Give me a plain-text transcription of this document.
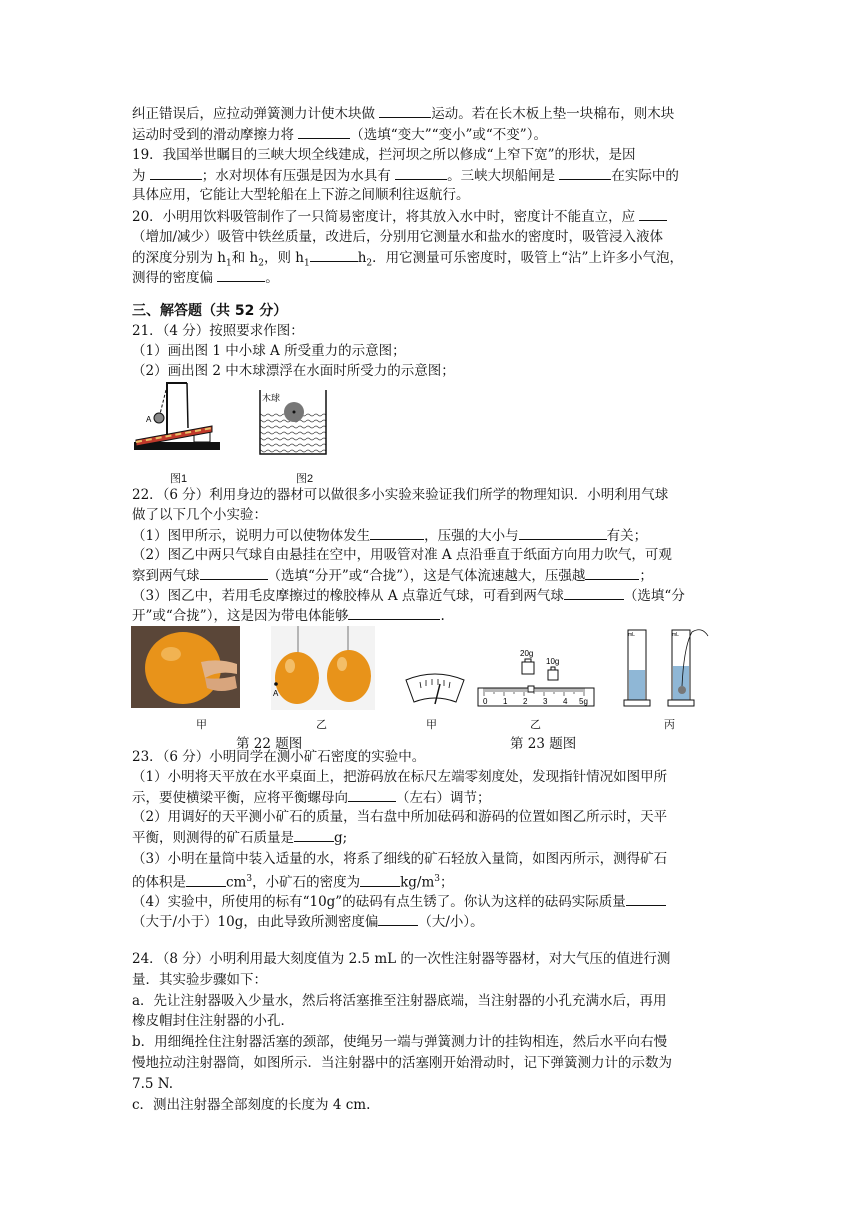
纠正错误后，应拉动弹簧测力计使木块做	运动。若在长木板上垫一块棉布，则木块
运动时受到的滑动摩擦力将	（选填“变大”“变小”或“不变”）。
19．我国举世瞩目的三峡大坝全线建成，拦河坝之所以修成“上窄下宽”的形状，是因
为	；水对坝体有压强是因为水具有	。三峡大坝船闸是	在实际中的
具体应用，它能让大型轮船在上下游之间顺利往返航行。
20．小明用饮料吸管制作了一只简易密度计，将其放入水中时，密度计不能直立，应
（增加/减少）吸管中铁丝质量，改进后，分别用它测量水和盐水的密度时，吸管浸入液体
的深度分别为 $h_1$和 $h_2$，则 $h_1$	$h_2$．用它测量可乐密度时，吸管上“沾”上许多小气泡，
测得的密度偏	。
三、解答题（共 52 分）
21．（4 分）按照要求作图：
（1）画出图 1 中小球 A 所受重力的示意图；
（2）画出图 2 中木球漂浮在水面时所受力的示意图；
A
图1
木球
图2
22．（6 分）利用身边的器材可以做很多小实验来验证我们所学的物理知识．小明利用气球
做了以下几个小实验：
（1）图甲所示，说明力可以使物体发生	，压强的大小与	有关；
（2）图乙中两只气球自由悬挂在空中，用吸管对准 A 点沿垂直于纸面方向用力吹气，可观
察到两气球	（选填“分开”或“合拢”），这是气体流速越大，压强越	；
（3）图乙中，若用毛皮摩擦过的橡胶棒从 A 点靠近气球，可看到两气球	（选填“分
开”或“合拢”），这是因为带电体能够	.
甲
A
乙
第 22 题图
甲
20g
10g
0 1 2 3 4 5g
乙
第 23 题图
mL	mL
丙
23．（6 分）小明同学在测小矿石密度的实验中。
（1）小明将天平放在水平桌面上，把游码放在标尺左端零刻度处，发现指针情况如图甲所
示，要使横梁平衡，应将平衡螺母向	（左右）调节；
（2）用调好的天平测小矿石的质量，当右盘中所加砝码和游码的位置如图乙所示时，天平
平衡，则测得的矿石质量是	g;
（3）小明在量筒中装入适量的水，将系了细线的矿石轻放入量筒，如图丙所示，测得矿石
的体积是	$cm^3$，小矿石的密度为	$kg/m^3$；
（4）实验中，所使用的标有“10g”的砝码有点生锈了。你认为这样的砝码实际质量
（大于/小于）10g，由此导致所测密度偏	（大/小）。
24．（8 分）小明利用最大刻度值为 2.5 mL 的一次性注射器等器材，对大气压的值进行测
量．其实验步骤如下：
a．先让注射器吸入少量水，然后将活塞推至注射器底端，当注射器的小孔充满水后，再用
橡皮帽封住注射器的小孔．
b．用细绳拴住注射器活塞的颈部，使绳另一端与弹簧测力计的挂钩相连，然后水平向右慢
慢地拉动注射器筒，如图所示．当注射器中的活塞刚开始滑动时，记下弹簧测力计的示数为
7.5 N.
c．测出注射器全部刻度的长度为 4 cm.
